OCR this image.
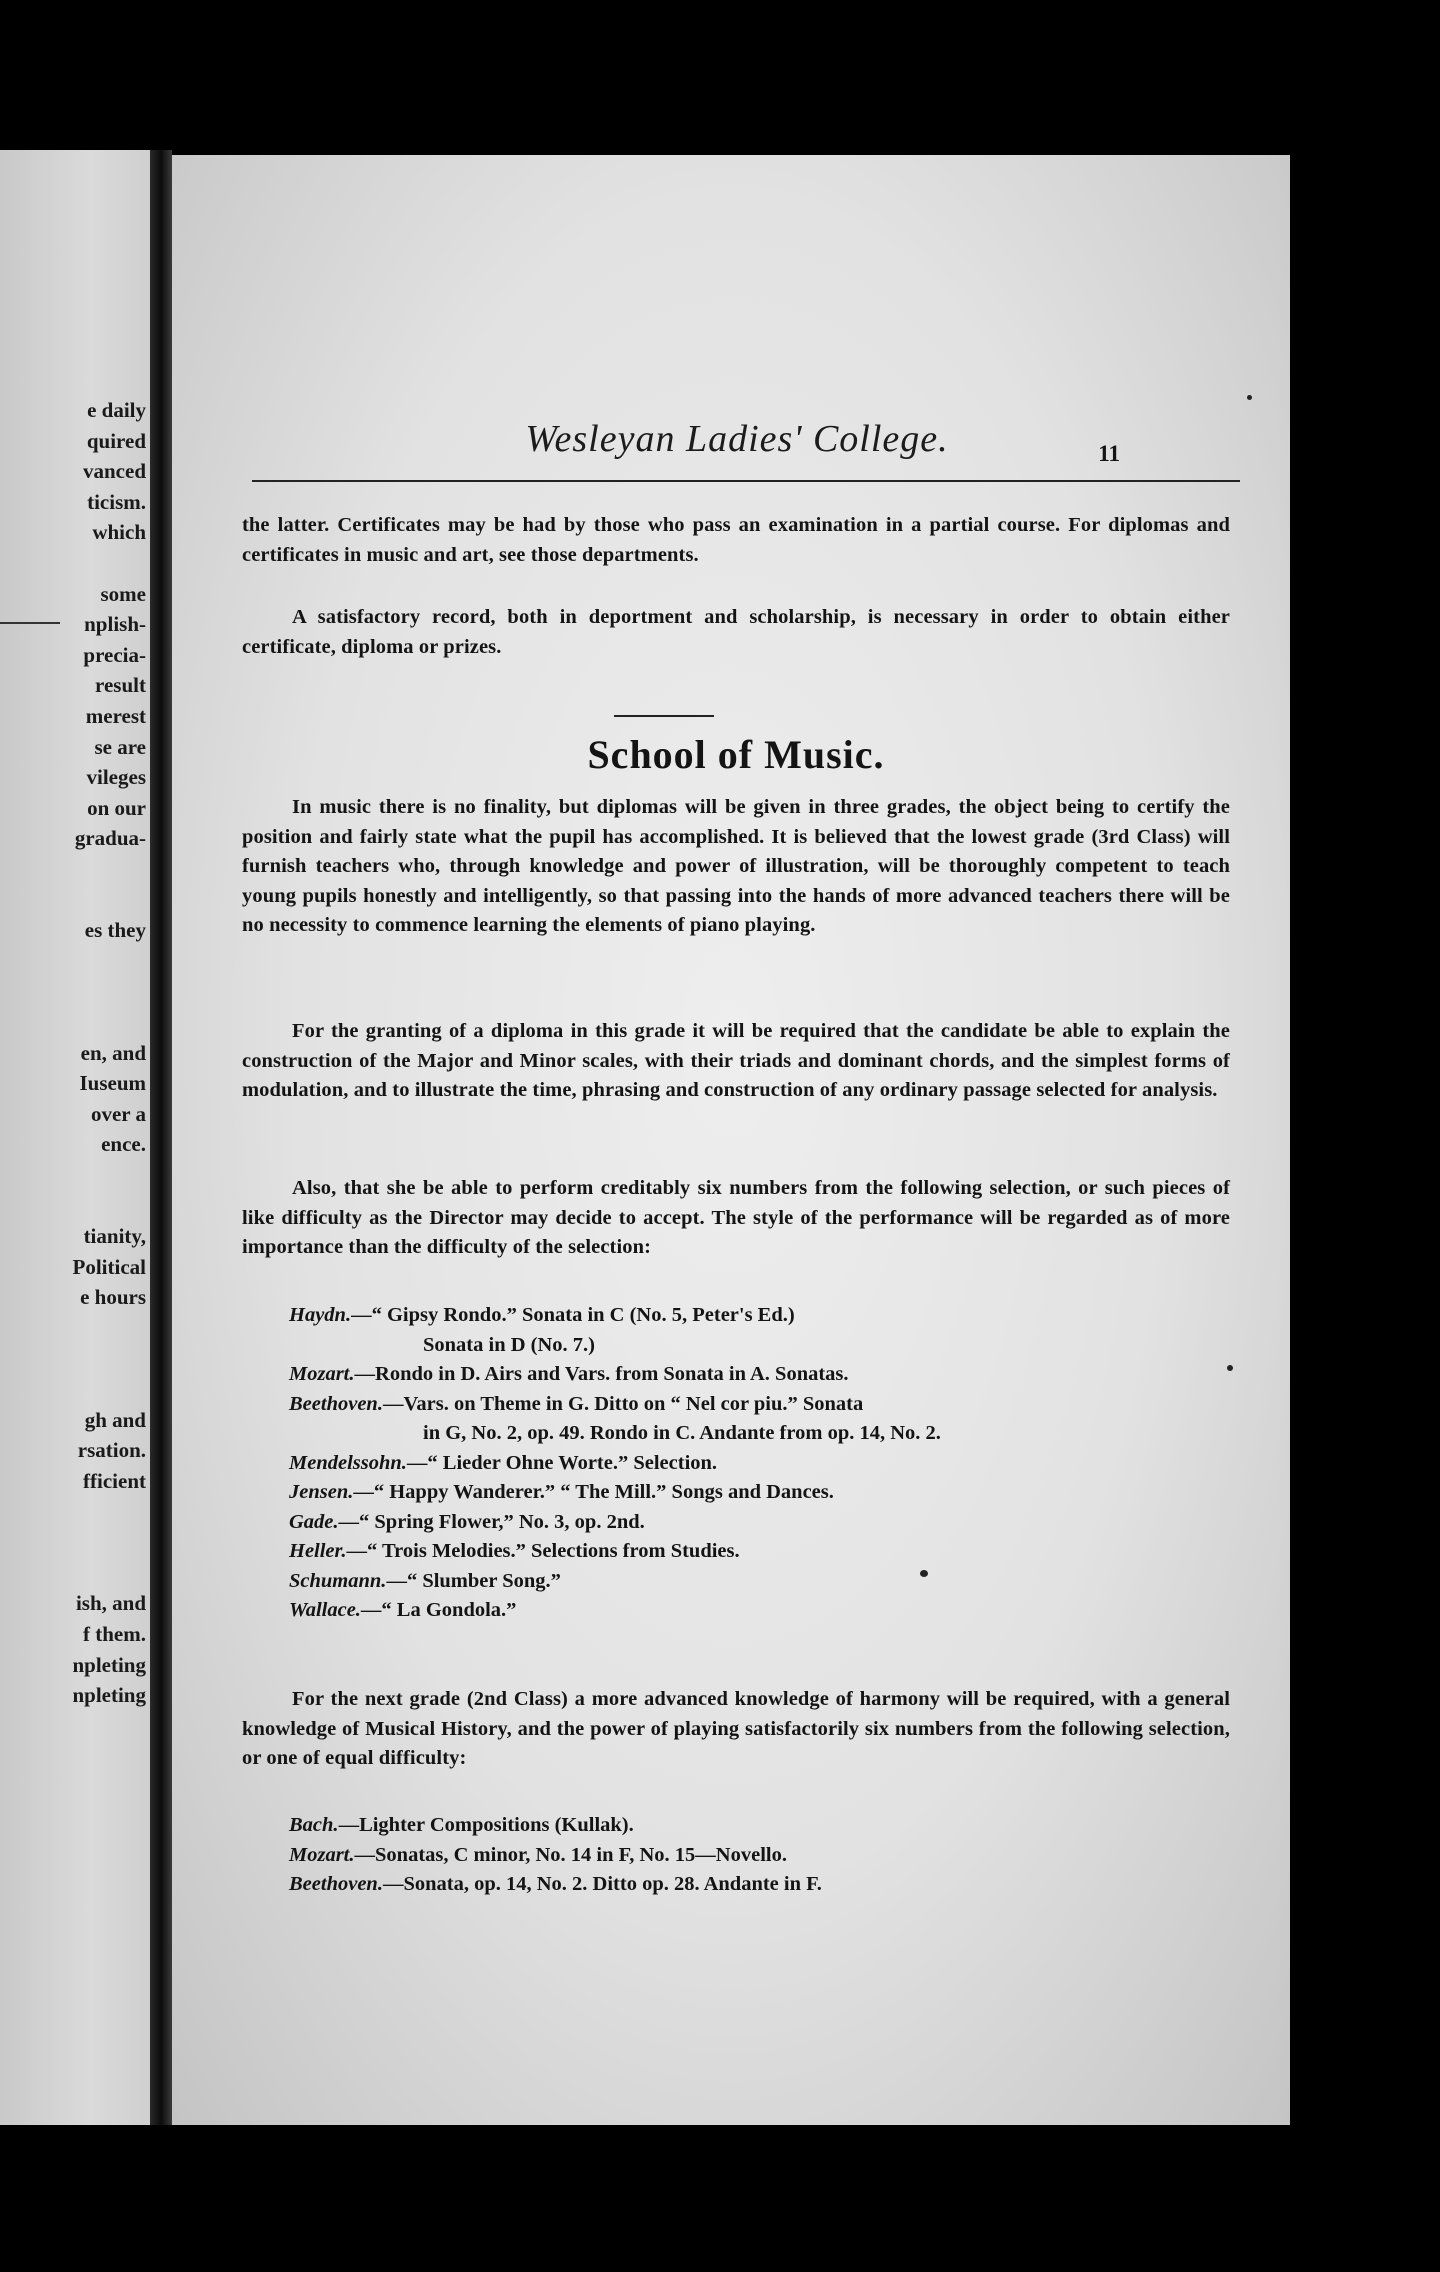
e daily
quired
vanced
ticism.
which
some
nplish-
precia-
result
merest
se are
vileges
on our
gradua-
es they
en, and
Iuseum
over a
ence.
tianity,
Political
e hours
gh and
rsation.
fficient
ish, and
f them.
npleting
npleting
Wesleyan Ladies' College.	11
the latter. Certificates may be had by those who pass an examination in a partial course. For diplomas and certificates in music and art, see those departments.
A satisfactory record, both in deportment and scholarship, is necessary in order to obtain either certificate, diploma or prizes.
School of Music.
In music there is no finality, but diplomas will be given in three grades, the object being to certify the position and fairly state what the pupil has accomplished. It is believed that the lowest grade (3rd Class) will furnish teachers who, through knowledge and power of illustration, will be thoroughly competent to teach young pupils honestly and intelligently, so that passing into the hands of more advanced teachers there will be no necessity to commence learning the elements of piano playing.
For the granting of a diploma in this grade it will be required that the candidate be able to explain the construction of the Major and Minor scales, with their triads and dominant chords, and the simplest forms of modulation, and to illustrate the time, phrasing and construction of any ordinary passage selected for analysis.
Also, that she be able to perform creditably six numbers from the following selection, or such pieces of like difficulty as the Director may decide to accept. The style of the performance will be regarded as of more importance than the difficulty of the selection:
Haydn.—“ Gipsy Rondo.” Sonata in C (No. 5, Peter's Ed.)
Sonata in D (No. 7.)
Mozart.—Rondo in D. Airs and Vars. from Sonata in A. Sonatas.
Beethoven.—Vars. on Theme in G. Ditto on “ Nel cor piu.” Sonata
in G, No. 2, op. 49. Rondo in C. Andante from op. 14, No. 2.
Mendelssohn.—“ Lieder Ohne Worte.” Selection.
Jensen.—“ Happy Wanderer.” “ The Mill.” Songs and Dances.
Gade.—“ Spring Flower,” No. 3, op. 2nd.
Heller.—“ Trois Melodies.” Selections from Studies.
Schumann.—“ Slumber Song.”
Wallace.—“ La Gondola.”
For the next grade (2nd Class) a more advanced knowledge of harmony will be required, with a general knowledge of Musical History, and the power of playing satisfactorily six numbers from the following selection, or one of equal difficulty:
Bach.—Lighter Compositions (Kullak).
Mozart.—Sonatas, C minor, No. 14 in F, No. 15—Novello.
Beethoven.—Sonata, op. 14, No. 2. Ditto op. 28. Andante in F.
